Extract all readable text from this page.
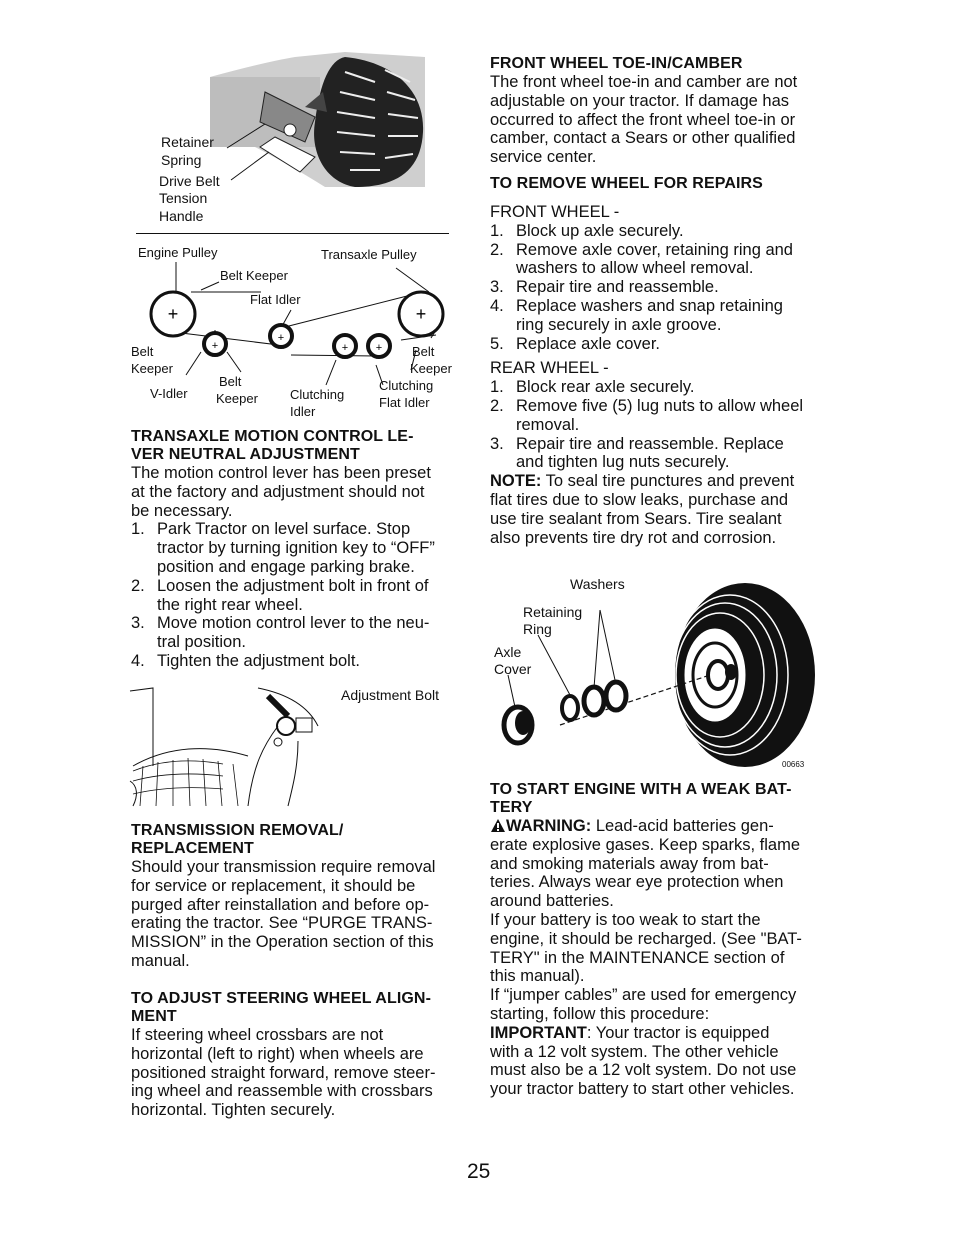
Retainer
Spring
Drive Belt
Tension
Handle
+	+
+
+
+	+
Engine Pulley	Transaxle Pulley
Belt Keeper
Flat Idler
Belt
Keeper
V-Idler
Belt
Keeper Clutching
Idler
Belt
Keeper
Clutching
Flat Idler
TRANSAXLE MOTION CONTROL LE-
VER NEUTRAL ADJUSTMENT
The motion control lever has been preset
at the factory and adjustment should not
be necessary.
1. Park Tractor on level surface. Stop
tractor by turning ignition key to “OFF”
position and engage parking brake.
2. Loosen the adjustment bolt in front of
the right rear wheel.
3. Move motion control lever to the neu-
tral position.
4. Tighten the adjustment bolt.
Adjustment Bolt
TRANSMISSION REMOVAL/
REPLACEMENT
Should your transmission require removal
for service or replacement, it should be
purged after reinstallation and before op-
erating the tractor. See “PURGE TRANS-
MISSION” in the Operation section of this
manual.
TO ADJUST STEERING WHEEL ALIGN-
MENT
If steering wheel crossbars are not
horizontal (left to right) when wheels are
positioned straight forward, remove steer-
ing wheel and reassemble with crossbars
horizontal. Tighten securely.
FRONT WHEEL TOE-IN/CAMBER
The front wheel toe-in and camber are not
adjustable on your tractor. If damage has
occurred to affect the front wheel toe-in or
camber, contact a Sears or other qualified
service center.
TO REMOVE WHEEL FOR REPAIRS
FRONT WHEEL -
1. Block up axle securely.
2. Remove axle cover, retaining ring and
washers to allow wheel removal.
3. Repair tire and reassemble.
4. Replace washers and snap retaining
ring securely in axle groove.
5. Replace axle cover.
REAR WHEEL -
1. Block rear axle securely.
2. Remove five (5) lug nuts to allow wheel
removal.
3. Repair tire and reassemble. Replace
and tighten lug nuts securely.
NOTE: To seal tire punctures and prevent
flat tires due to slow leaks, purchase and
use tire sealant from Sears. Tire sealant
also prevents tire dry rot and corrosion.
Washers
Retaining
Ring
Axle
Cover
00663
TO START ENGINE WITH A WEAK BAT-
TERY
WARNING: Lead-acid batteries gen-
erate explosive gases. Keep sparks, flame
and smoking materials away from bat-
teries. Always wear eye protection when
around batteries.
If your battery is too weak to start the
engine, it should be recharged. (See "BAT-
TERY" in the MAINTENANCE section of
this manual).
If “jumper cables” are used for emergency
starting, follow this procedure:
IMPORTANT: Your tractor is equipped
with a 12 volt system. The other vehicle
must also be a 12 volt system. Do not use
your tractor battery to start other vehicles.
25
